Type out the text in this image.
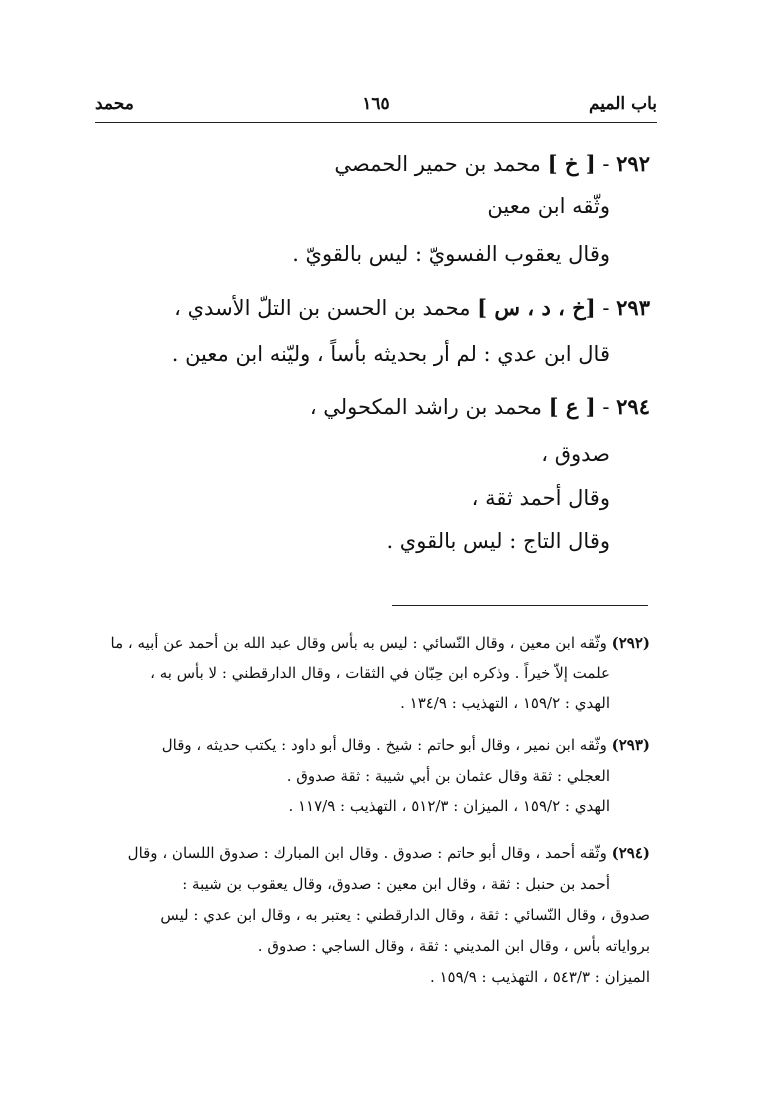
باب الميم
١٦٥
محمد
٢٩٢ - [ خ ] محمد بن حمير الحمصي
وثّقه ابن معين
وقال يعقوب الفسويّ : ليس بالقويّ .
٢٩٣ - [خ ، د ، س ] محمد بن الحسن بن التلّ الأسدي ،
قال ابن عدي : لم أر بحديثه بأساً ، وليّنه ابن معين .
٢٩٤ - [ ع ] محمد بن راشد المكحولي ،
صدوق ،
وقال أحمد ثقة ،
وقال التاج : ليس بالقوي .
(٢٩٢) وثّقه ابن معين ، وقال النّسائي : ليس به بأس وقال عبد الله بن أحمد عن أبيه ، ما
علمت إلاّ خيراً . وذكره ابن حِبّان في الثقات ، وقال الدارقطني : لا بأس به ،
الهدي : ١٥٩/٢ ، التهذيب : ١٣٤/٩ .
(٢٩٣) وثّقه ابن نمير ، وقال أبو حاتم : شيخ . وقال أبو داود : يكتب حديثه ، وقال
العجلي : ثقة وقال عثمان بن أبي شيبة : ثقة صدوق .
الهدي : ١٥٩/٢ ، الميزان : ٥١٢/٣ ، التهذيب : ١١٧/٩ .
(٢٩٤) وثّقه أحمد ، وقال أبو حاتم : صدوق . وقال ابن المبارك : صدوق اللسان ، وقال
أحمد بن حنبل : ثقة ، وقال ابن معين : صدوق، وقال يعقوب بن شيبة :
صدوق ، وقال النّسائي : ثقة ، وقال الدارقطني : يعتبر به ، وقال ابن عدي : ليس
برواياته بأس ، وقال ابن المديني : ثقة ، وقال الساجي : صدوق .
الميزان : ٥٤٣/٣ ، التهذيب : ١٥٩/٩ .
